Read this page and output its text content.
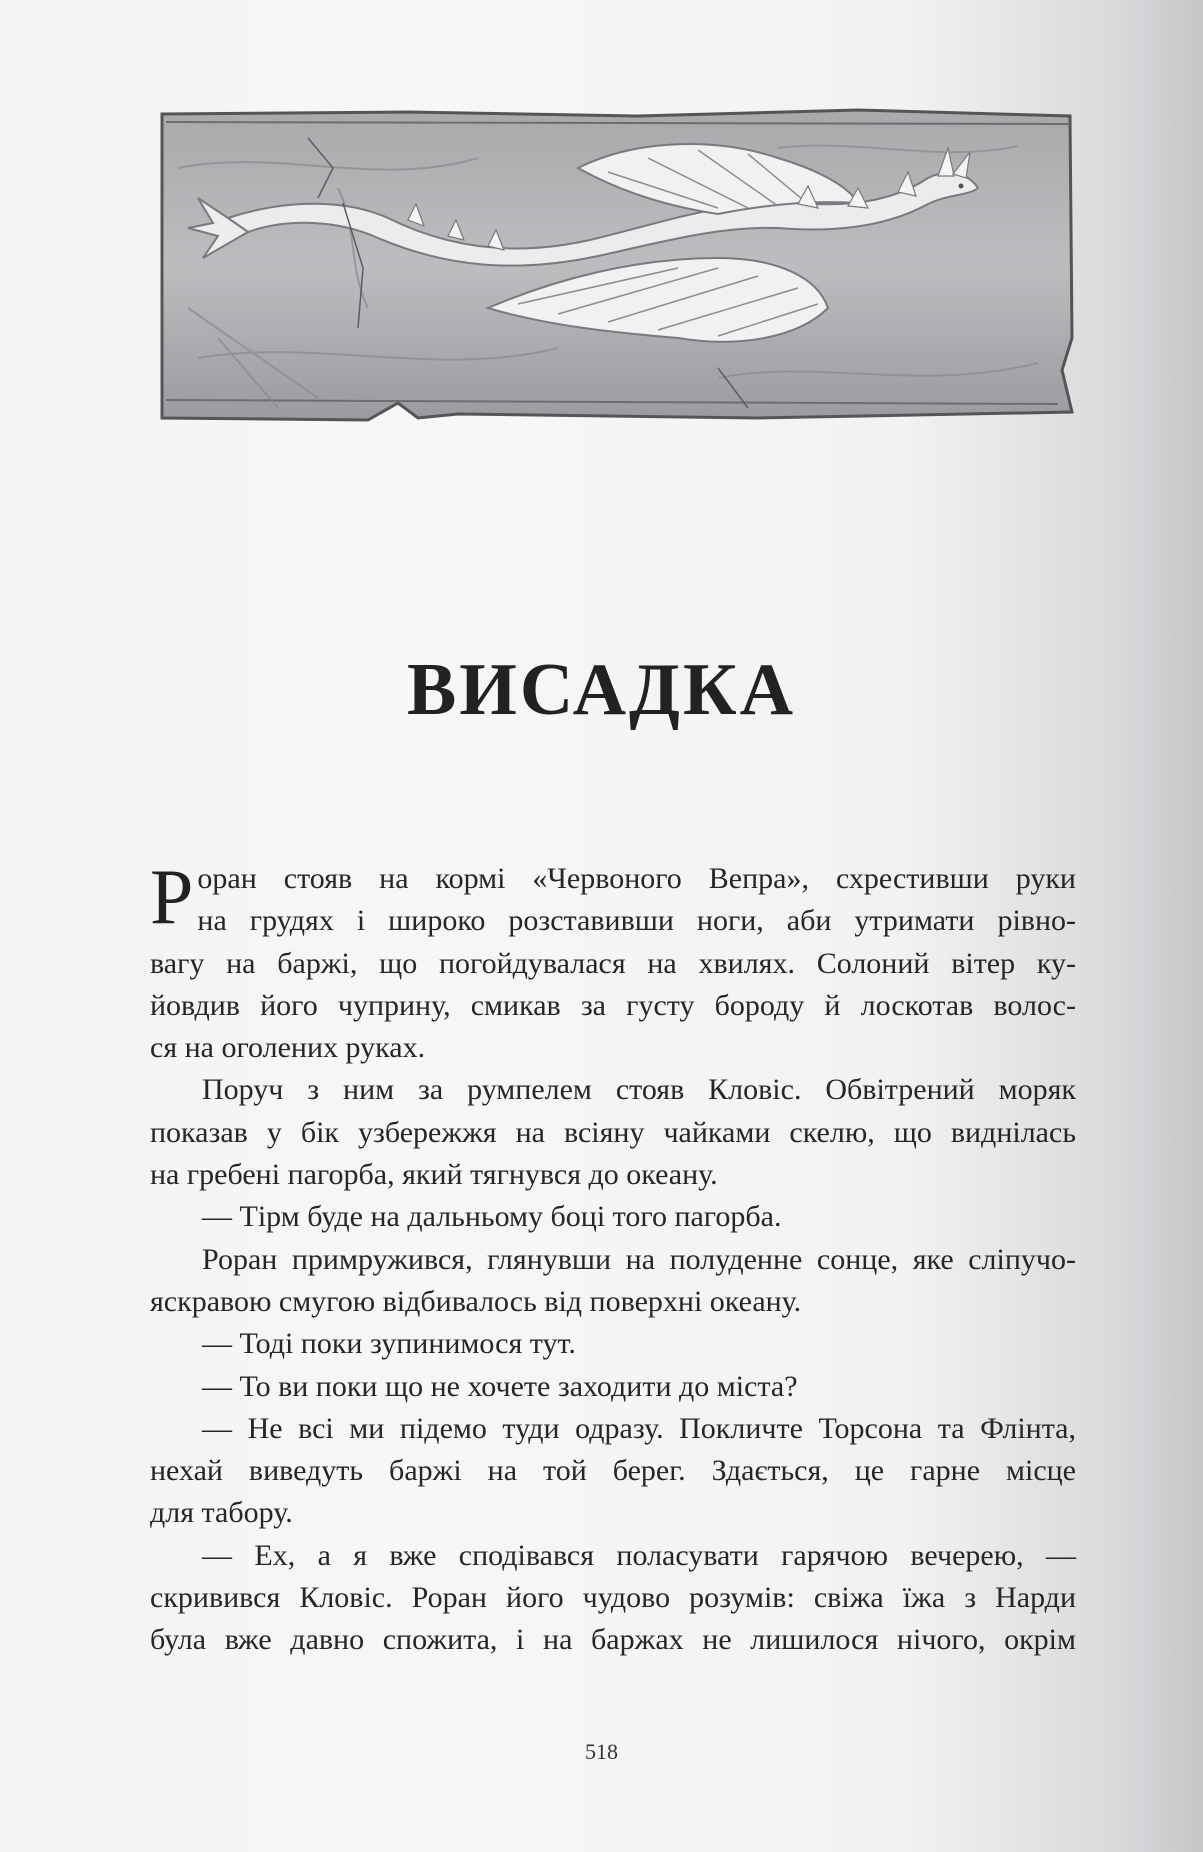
ВИСАДКА
Р оран стояв на кормі «Червоного Вепра», схрестивши руки
на грудях і широко розставивши ноги, аби утримати рівно-
вагу на баржі, що погойдувалася на хвилях. Солоний вітер ку-
йовдив його чуприну, смикав за густу бороду й лоскотав волос-
ся на оголених руках.
Поруч з ним за румпелем стояв Кловіс. Обвітрений моряк
показав у бік узбережжя на всіяну чайками скелю, що виднілась
на гребені пагорба, який тягнувся до океану.
— Тірм буде на дальньому боці того пагорба.
Роран примружився, глянувши на полуденне сонце, яке сліпучо-
яскравою смугою відбивалось від поверхні океану.
— Тоді поки зупинимося тут.
— То ви поки що не хочете заходити до міста?
— Не всі ми підемо туди одразу. Покличте Торсона та Флінта,
нехай виведуть баржі на той берег. Здається, це гарне місце
для табору.
— Ех, а я вже сподівався поласувати гарячою вечерею, —
скривився Кловіс. Роран його чудово розумів: свіжа їжа з Нарди
була вже давно спожита, і на баржах не лишилося нічого, окрім
518
